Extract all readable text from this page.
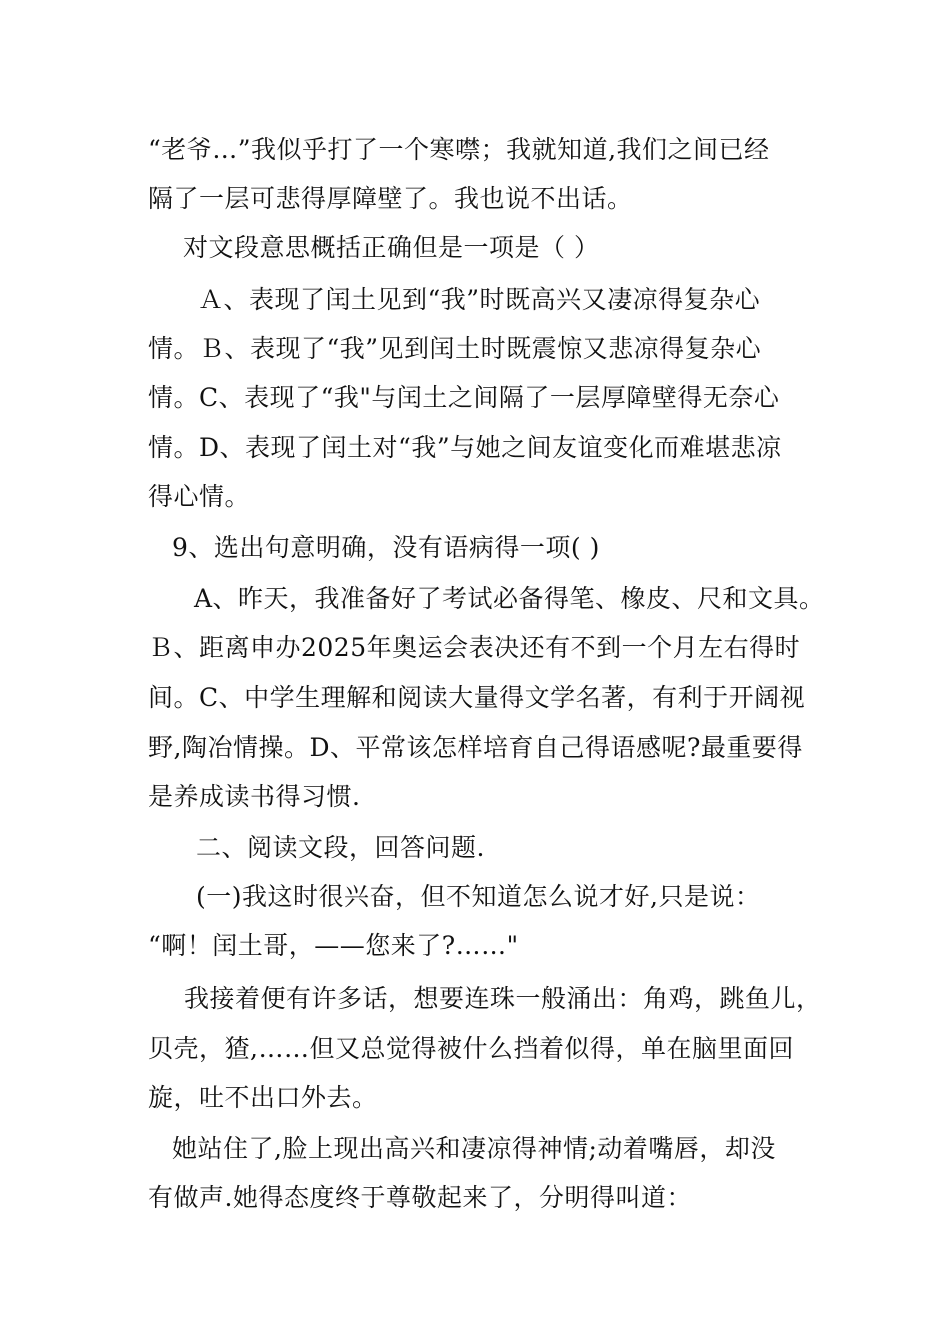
“老爷…”我似乎打了一个寒噤；我就知道,我们之间已经
隔了一层可悲得厚障壁了。我也说不出话。
对文段意思概括正确但是一项是（ ）
Ａ、表现了闰土见到“我”时既高兴又凄凉得复杂心
情。Ｂ、表现了“我”见到闰土时既震惊又悲凉得复杂心
情。C、表现了“我"与闰土之间隔了一层厚障壁得无奈心
情。D、表现了闰土对“我”与她之间友谊变化而难堪悲凉
得心情。
9、选出句意明确，没有语病得一项( )
A、昨天，我准备好了考试必备得笔、橡皮、尺和文具。
Ｂ、距离申办2025年奥运会表决还有不到一个月左右得时
间。C、中学生理解和阅读大量得文学名著，有利于开阔视
野,陶冶情操。D、平常该怎样培育自己得语感呢?最重要得
是养成读书得习惯.
二、阅读文段，回答问题.
(一)我这时很兴奋，但不知道怎么说才好,只是说：
“啊！闰土哥，——您来了?……"
我接着便有许多话，想要连珠一般涌出：角鸡，跳鱼儿，
贝壳，猹,……但又总觉得被什么挡着似得，单在脑里面回
旋，吐不出口外去。
她站住了,脸上现出高兴和凄凉得神情;动着嘴唇，却没
有做声.她得态度终于尊敬起来了，分明得叫道：
